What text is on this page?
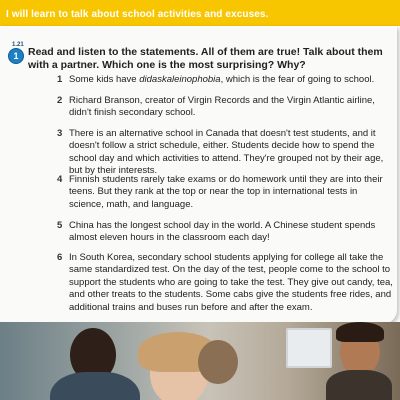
I will learn to talk about school activities and excuses.
1.21
1 Read and listen to the statements. All of them are true! Talk about them with a partner. Which one is the most surprising? Why?
1 Some kids have didaskaleinophobia, which is the fear of going to school.
2 Richard Branson, creator of Virgin Records and the Virgin Atlantic airline, didn't finish secondary school.
3 There is an alternative school in Canada that doesn't test students, and it doesn't follow a strict schedule, either. Students decide how to spend the school day and which activities to attend. They're grouped not by their age, but by their interests.
4 Finnish students rarely take exams or do homework until they are into their teens. But they rank at the top or near the top in international tests in science, math, and language.
5 China has the longest school day in the world. A Chinese student spends almost eleven hours in the classroom each day!
6 In South Korea, secondary school students applying for college all take the same standardized test. On the day of the test, people come to the school to support the students who are going to take the test. They give out candy, tea, and other treats to the students. Some cabs give the students free rides, and additional trains and buses run before and after the exam.
